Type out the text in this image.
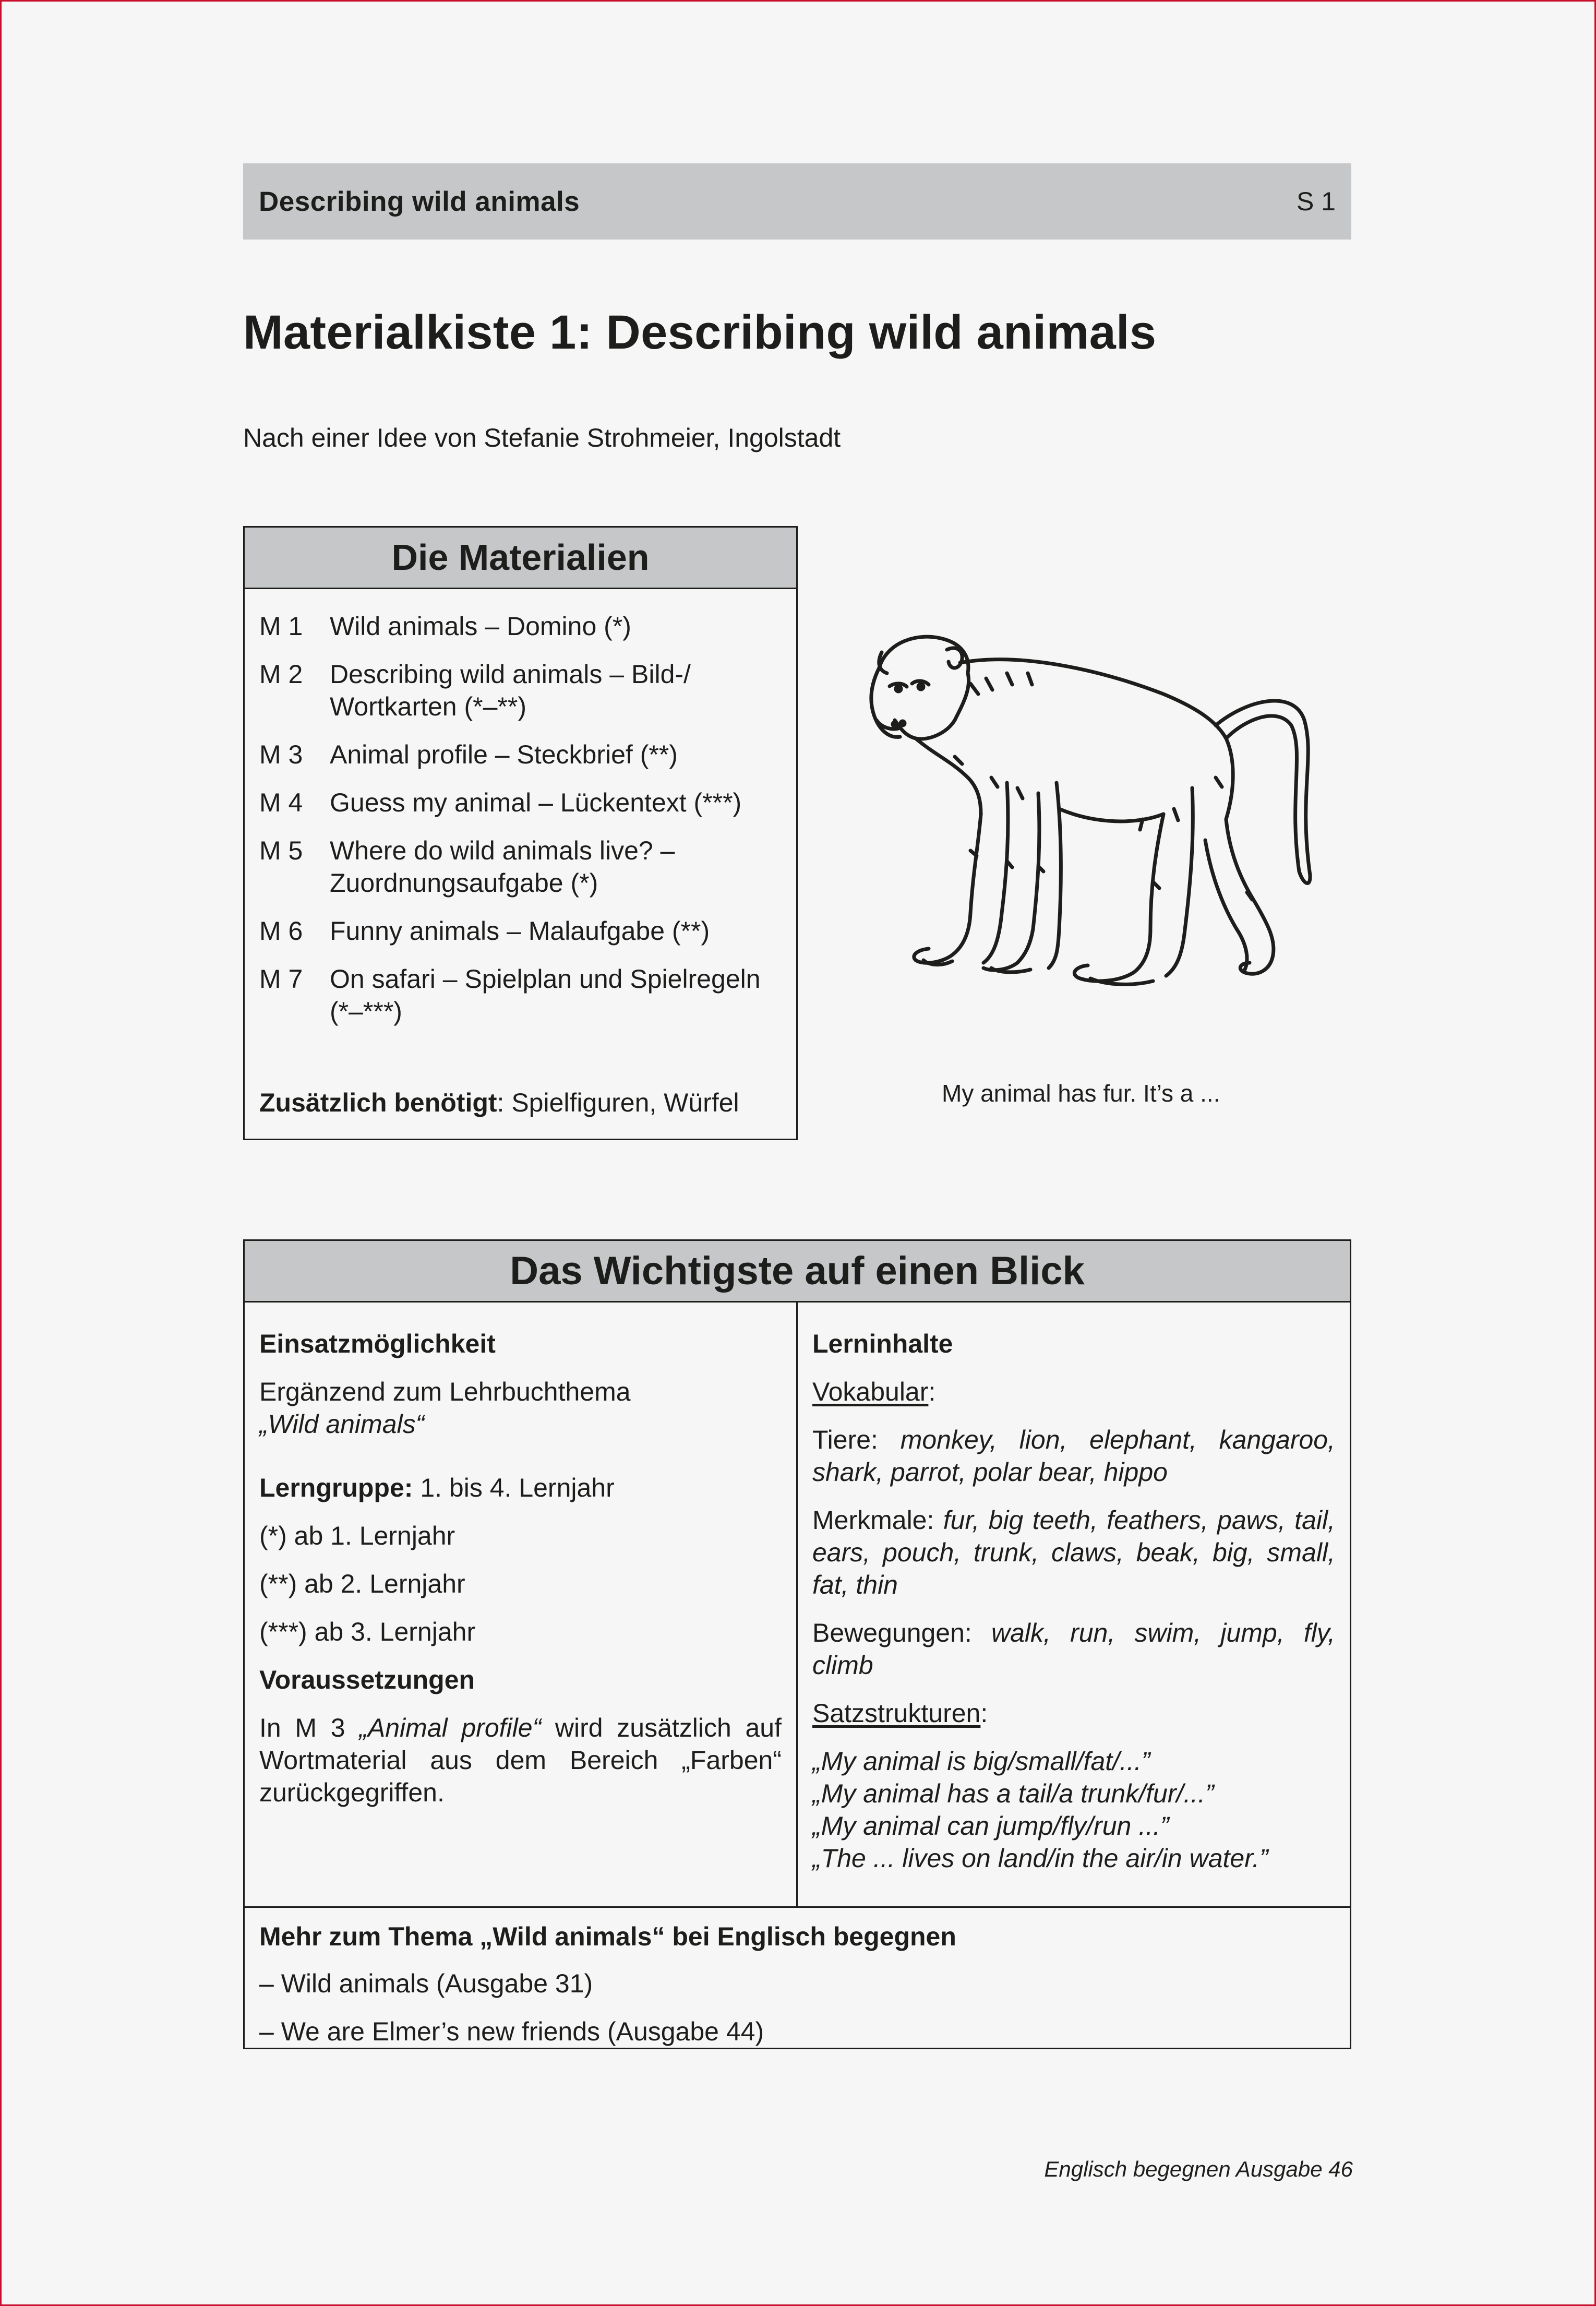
Describing wild animals	S 1
Materialkiste 1: Describing wild animals
Nach einer Idee von Stefanie Strohmeier, Ingolstadt
Die Materialien
M 1	Wild animals – Domino (*)
M 2	Describing wild animals – Bild-/ Wortkarten (*–**)
M 3	Animal profile – Steckbrief (**)
M 4	Guess my animal – Lückentext (***)
M 5	Where do wild animals live? – Zuordnungsaufgabe (*)
M 6	Funny animals – Malaufgabe (**)
M 7	On safari – Spielplan und Spielregeln (*–***)
Zusätzlich benötigt: Spielfiguren, Würfel	My animal has fur. It’s a ...
Das Wichtigste auf einen Blick
Einsatzmöglichkeit
Ergänzend zum Lehrbuchthema
„Wild animals“
Lerngruppe: 1. bis 4. Lernjahr
(*) ab 1. Lernjahr
(**) ab 2. Lernjahr
(***) ab 3. Lernjahr
Voraussetzungen
In M 3 „Animal profile“ wird zusätzlich auf Wortmaterial aus dem Bereich „Farben“ zurückgegriffen.
Lerninhalte
Vokabular:
Tiere: monkey, lion, elephant, kangaroo, shark, parrot, polar bear, hippo
Merkmale: fur, big teeth, feathers, paws, tail, ears, pouch, trunk, claws, beak, big, small, fat, thin
Bewegungen: walk, run, swim, jump, fly, climb
Satzstrukturen:
„My animal is big/small/fat/...”
„My animal has a tail/a trunk/fur/...”
„My animal can jump/fly/run ...”
„The ... lives on land/in the air/in water.”
Mehr zum Thema „Wild animals“ bei Englisch begegnen
– Wild animals (Ausgabe 31)
– We are Elmer’s new friends (Ausgabe 44)
Englisch begegnen Ausgabe 46
